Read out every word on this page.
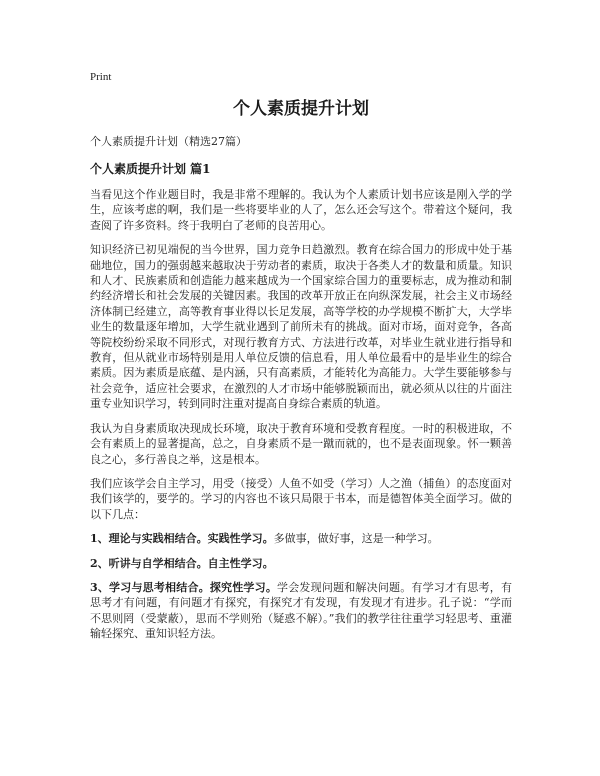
Print
个人素质提升计划
个人素质提升计划（精选27篇）
个人素质提升计划 篇1

当看见这个作业题目时，我是非常不理解的。我认为个人素质计划书应该是刚入学的学生，应该考虑的啊，我们是一些将要毕业的人了，怎么还会写这个。带着这个疑问，我查阅了许多资料。终于我明白了老师的良苦用心。

知识经济已初见端倪的当今世界，国力竞争日趋激烈。教育在综合国力的形成中处于基础地位，国力的强弱越来越取决于劳动者的素质，取决于各类人才的数量和质量。知识和人才、民族素质和创造能力越来越成为一个国家综合国力的重要标志，成为推动和制约经济增长和社会发展的关键因素。我国的改革开放正在向纵深发展，社会主义市场经济体制已经建立，高等教育事业得以长足发展，高等学校的办学规模不断扩大，大学毕业生的数量逐年增加，大学生就业遇到了前所未有的挑战。面对市场，面对竞争，各高等院校纷纷采取不同形式，对现行教育方式、方法进行改革，对毕业生就业进行指导和教育，但从就业市场特别是用人单位反馈的信息看，用人单位最看中的是毕业生的综合素质。因为素质是底蕴、是内涵，只有高素质，才能转化为高能力。大学生要能够参与社会竞争，适应社会要求，在激烈的人才市场中能够脱颖而出，就必须从以往的片面注重专业知识学习，转到同时注重对提高自身综合素质的轨道。

我认为自身素质取决现成长环境，取决于教育环境和受教育程度。一时的积极进取，不会有素质上的显著提高，总之，自身素质不是一蹴而就的，也不是表面现象。怀一颗善良之心，多行善良之举，这是根本。

我们应该学会自主学习，用受（接受）人鱼不如受（学习）人之渔（捕鱼）的态度面对我们该学的，要学的。学习的内容也不该只局限于书本，而是德智体美全面学习。做的以下几点：

1、理论与实践相结合。实践性学习。多做事，做好事，这是一种学习。

2、听讲与自学相结合。自主性学习。

3、学习与思考相结合。探究性学习。学会发现问题和解决问题。有学习才有思考，有思考才有问题，有问题才有探究，有探究才有发现，有发现才有进步。孔子说：“学而不思则罔（受蒙蔽），思而不学则殆（疑惑不解）。”我们的教学往往重学习轻思考、重灌输轻探究、重知识轻方法。
